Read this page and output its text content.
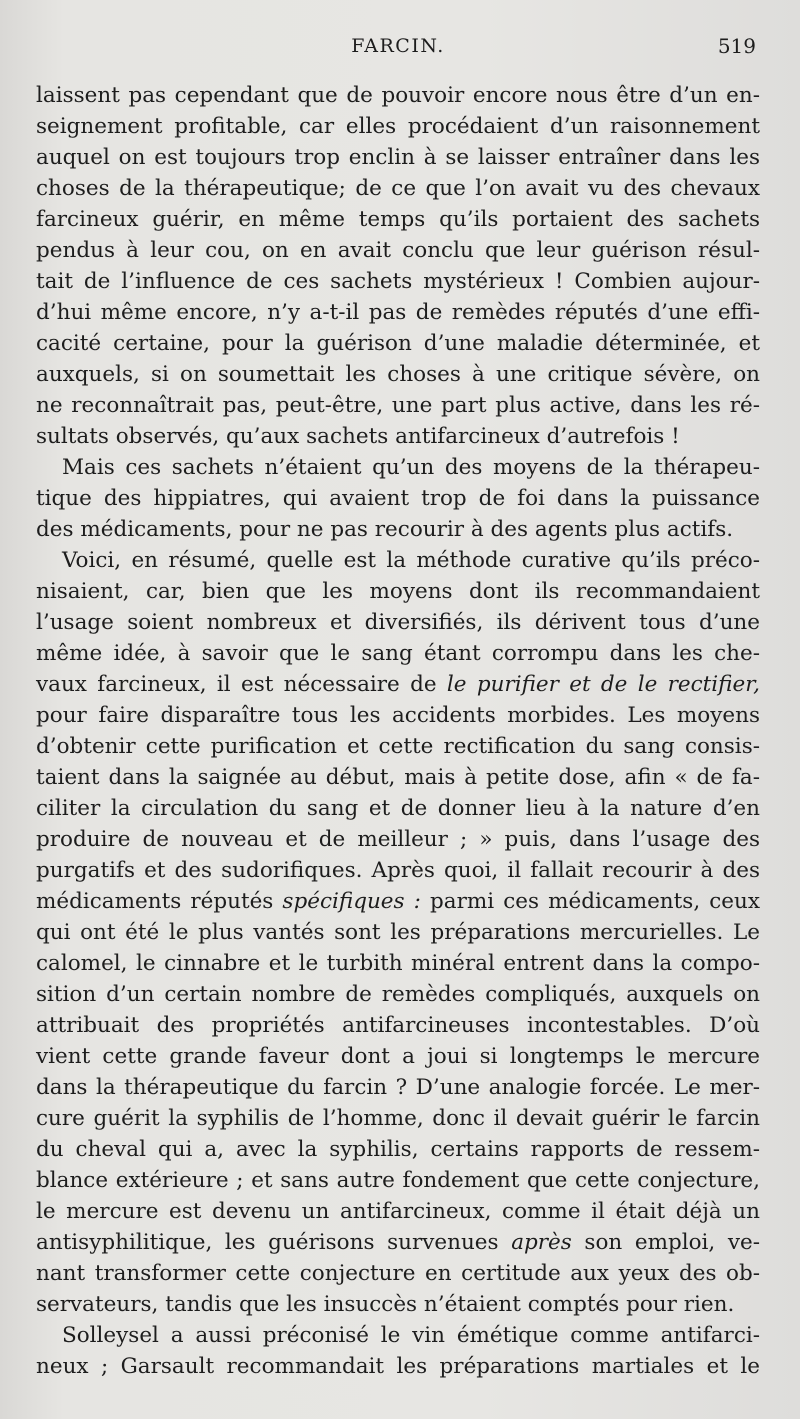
FARCIN.	519
laissent pas cependant que de pouvoir encore nous être d’un en-
seignement profitable, car elles procédaient d’un raisonnement
auquel on est toujours trop enclin à se laisser entraîner dans les
choses de la thérapeutique; de ce que l’on avait vu des chevaux
farcineux guérir, en même temps qu’ils portaient des sachets
pendus à leur cou, on en avait conclu que leur guérison résul-
tait de l’influence de ces sachets mystérieux ! Combien aujour-
d’hui même encore, n’y a-t-il pas de remèdes réputés d’une effi-
cacité certaine, pour la guérison d’une maladie déterminée, et
auxquels, si on soumettait les choses à une critique sévère, on
ne reconnaîtrait pas, peut-être, une part plus active, dans les ré-
sultats observés, qu’aux sachets antifarcineux d’autrefois !
Mais ces sachets n’étaient qu’un des moyens de la thérapeu-
tique des hippiatres, qui avaient trop de foi dans la puissance
des médicaments, pour ne pas recourir à des agents plus actifs.
Voici, en résumé, quelle est la méthode curative qu’ils préco-
nisaient, car, bien que les moyens dont ils recommandaient
l’usage soient nombreux et diversifiés, ils dérivent tous d’une
même idée, à savoir que le sang étant corrompu dans les che-
vaux farcineux, il est nécessaire de le purifier et de le rectifier,
pour faire disparaître tous les accidents morbides. Les moyens
d’obtenir cette purification et cette rectification du sang consis-
taient dans la saignée au début, mais à petite dose, afin « de fa-
ciliter la circulation du sang et de donner lieu à la nature d’en
produire de nouveau et de meilleur ; » puis, dans l’usage des
purgatifs et des sudorifiques. Après quoi, il fallait recourir à des
médicaments réputés spécifiques : parmi ces médicaments, ceux
qui ont été le plus vantés sont les préparations mercurielles. Le
calomel, le cinnabre et le turbith minéral entrent dans la compo-
sition d’un certain nombre de remèdes compliqués, auxquels on
attribuait des propriétés antifarcineuses incontestables. D’où
vient cette grande faveur dont a joui si longtemps le mercure
dans la thérapeutique du farcin ? D’une analogie forcée. Le mer-
cure guérit la syphilis de l’homme, donc il devait guérir le farcin
du cheval qui a, avec la syphilis, certains rapports de ressem-
blance extérieure ; et sans autre fondement que cette conjecture,
le mercure est devenu un antifarcineux, comme il était déjà un
antisyphilitique, les guérisons survenues après son emploi, ve-
nant transformer cette conjecture en certitude aux yeux des ob-
servateurs, tandis que les insuccès n’étaient comptés pour rien.
Solleysel a aussi préconisé le vin émétique comme antifarci-
neux ; Garsault recommandait les préparations martiales et le
